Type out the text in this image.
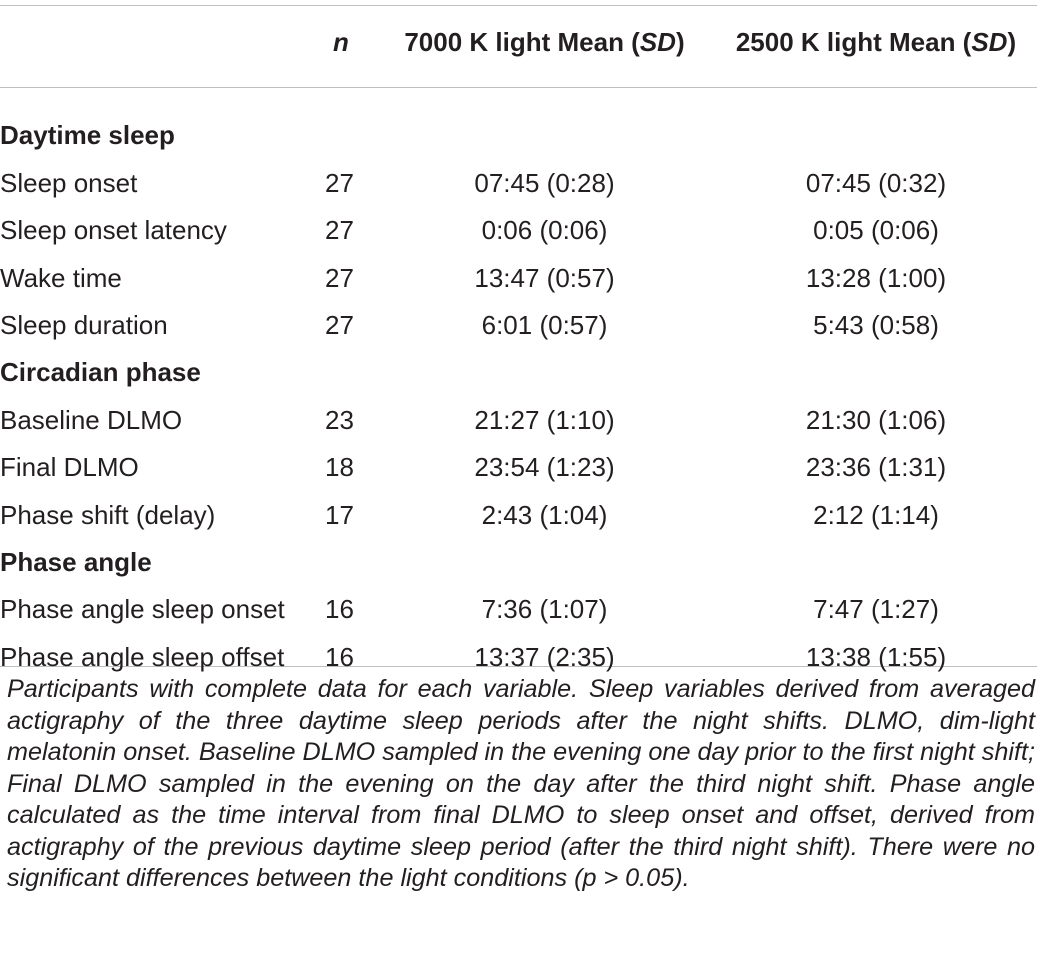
	n	7000 K light Mean (SD)	2500 K light Mean (SD)

Daytime sleep			
Sleep onset	27	07:45 (0:28)	07:45 (0:32)
Sleep onset latency	27	0:06 (0:06)	0:05 (0:06)
Wake time	27	13:47 (0:57)	13:28 (1:00)
Sleep duration	27	6:01 (0:57)	5:43 (0:58)
Circadian phase			
Baseline DLMO	23	21:27 (1:10)	21:30 (1:06)
Final DLMO	18	23:54 (1:23)	23:36 (1:31)
Phase shift (delay)	17	2:43 (1:04)	2:12 (1:14)
Phase angle			
Phase angle sleep onset	16	7:36 (1:07)	7:47 (1:27)
Phase angle sleep offset	16	13:37 (2:35)	13:38 (1:55)
Participants with complete data for each variable. Sleep variables derived from averaged actigraphy of the three daytime sleep periods after the night shifts. DLMO, dim-light melatonin onset. Baseline DLMO sampled in the evening one day prior to the first night shift; Final DLMO sampled in the evening on the day after the third night shift. Phase angle calculated as the time interval from final DLMO to sleep onset and offset, derived from actigraphy of the previous daytime sleep period (after the third night shift). There were no significant differences between the light conditions (p > 0.05).
